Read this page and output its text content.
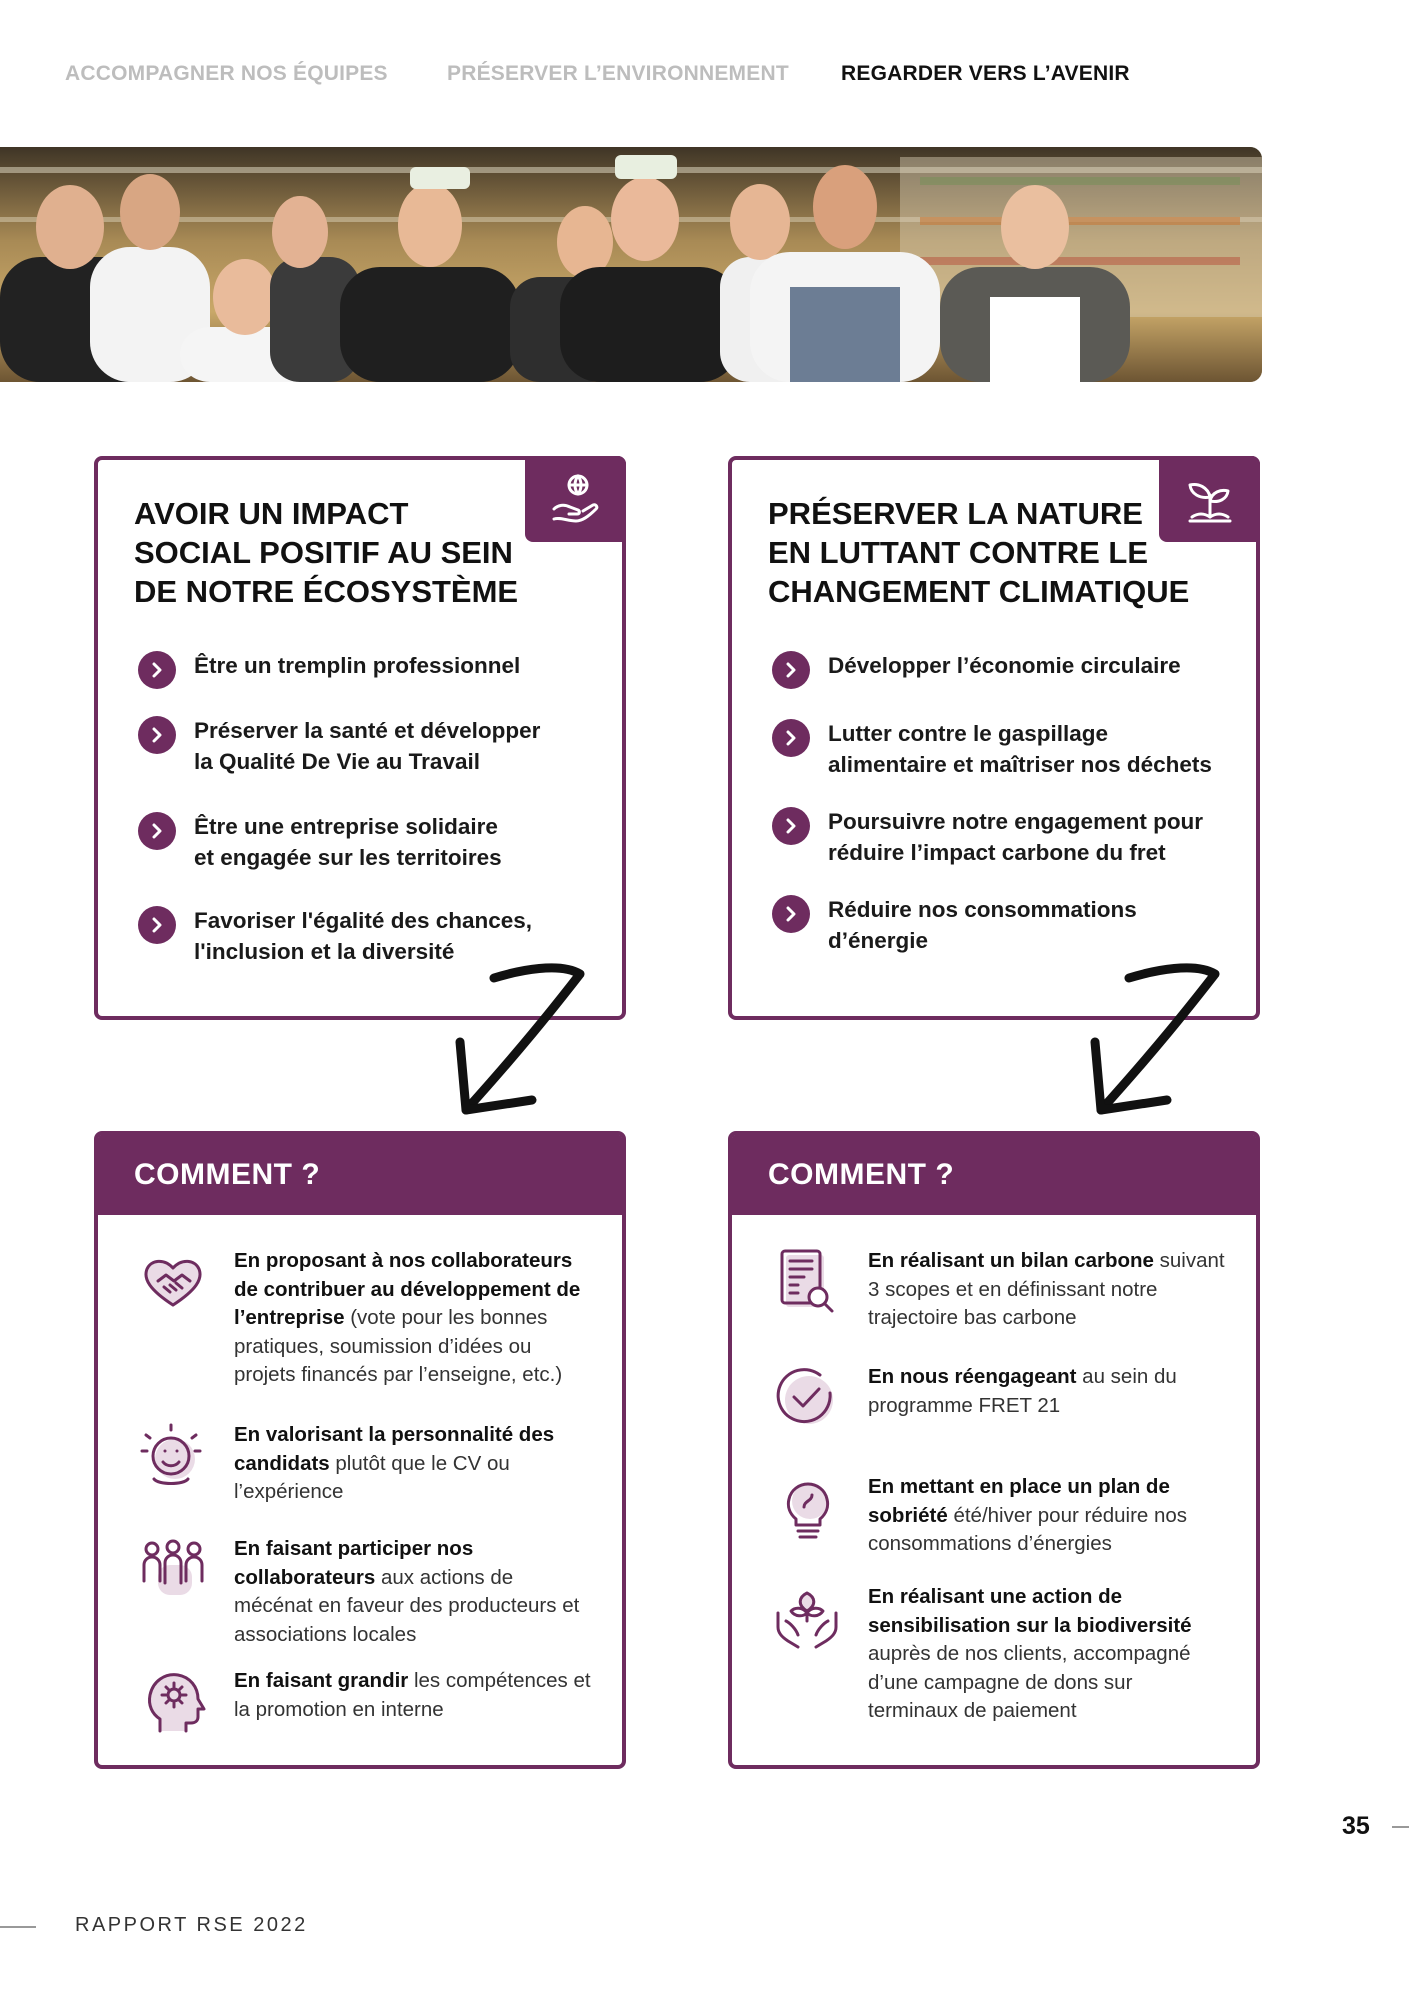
ACCOMPAGNER NOS ÉQUIPES	PRÉSERVER L’ENVIRONNEMENT REGARDER VERS L’AVENIR
AVOIR UN IMPACT
SOCIAL POSITIF AU SEIN
DE NOTRE ÉCOSYSTÈME
Être un tremplin professionnel
Préserver la santé et développer
la Qualité De Vie au Travail
Être une entreprise solidaire
et engagée sur les territoires
Favoriser l'égalité des chances,
l'inclusion et la diversité
PRÉSERVER LA NATURE
EN LUTTANT CONTRE LE
CHANGEMENT CLIMATIQUE
Développer l’économie circulaire
Lutter contre le gaspillage
alimentaire et maîtriser nos déchets
Poursuivre notre engagement pour
réduire l’impact carbone du fret
Réduire nos consommations
d’énergie
COMMENT ?
En proposant à nos collaborateurs de contribuer au développement de l’entreprise (vote pour les bonnes pratiques, soumission d’idées ou projets financés par l’enseigne, etc.)
En valorisant la personnalité des candidats plutôt que le CV ou l’expérience
En faisant participer nos collaborateurs aux actions de mécénat en faveur des producteurs et associations locales
En faisant grandir les compétences et la promotion en interne
COMMENT ?
En réalisant un bilan carbone suivant 3 scopes et en définissant notre trajectoire bas carbone
En nous réengageant au sein du programme FRET 21
En mettant en place un plan de sobriété été/hiver pour réduire nos consommations d’énergies
En réalisant une action de sensibilisation sur la biodiversité auprès de nos clients, accompagné d’une campagne de dons sur terminaux de paiement
35
RAPPORT RSE 2022
